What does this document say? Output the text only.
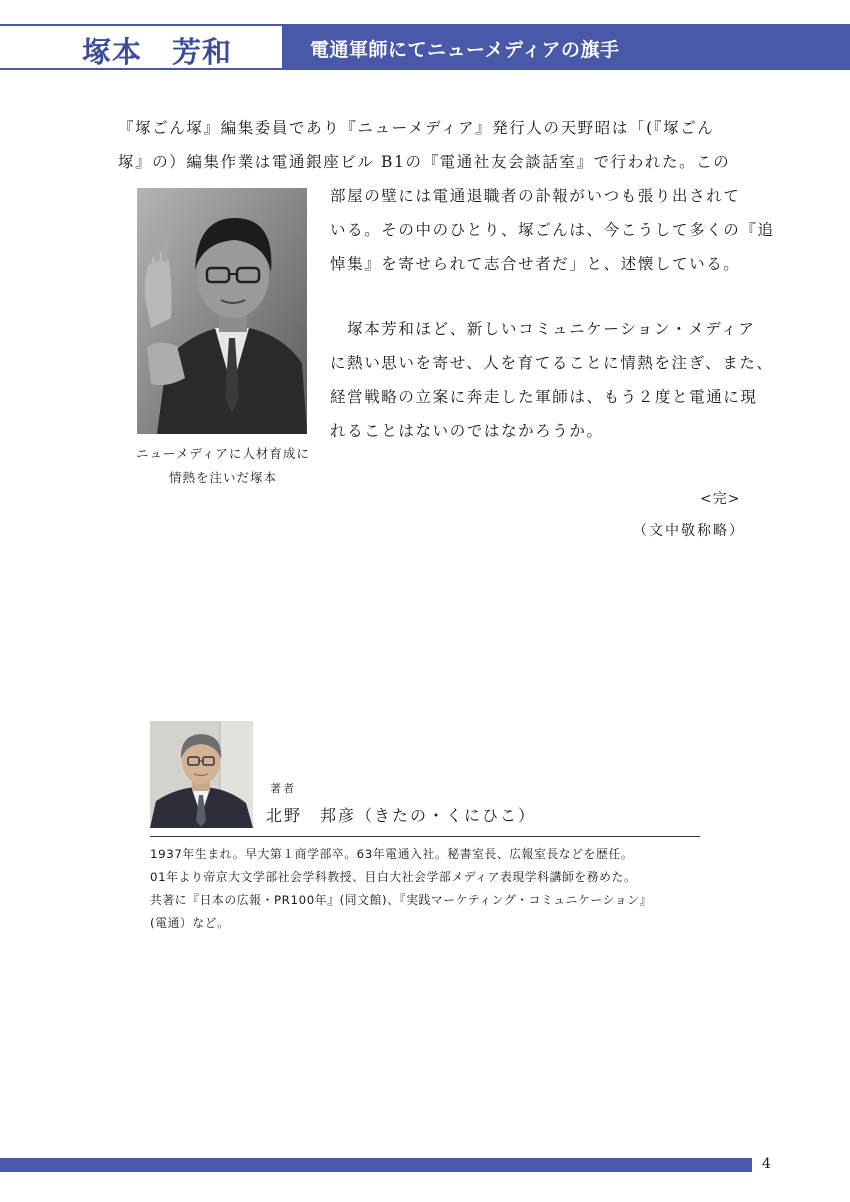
塚本　芳和	電通軍師にてニューメディアの旗手
『塚ごん塚』編集委員であり『ニューメディア』発行人の天野昭は「(『塚ごん
塚』の）編集作業は電通銀座ビル B1の『電通社友会談話室』で行われた。この
部屋の壁には電通退職者の訃報がいつも張り出されて
いる。その中のひとり、塚ごんは、今こうして多くの『追
悼集』を寄せられて志合せ者だ」と、述懐している。
　塚本芳和ほど、新しいコミュニケーション・メディア
に熱い思いを寄せ、人を育てることに情熱を注ぎ、また、
経営戦略の立案に奔走した軍師は、もう２度と電通に現
れることはないのではなかろうか。
ニューメディアに人材育成に
情熱を注いだ塚本
<完>
（文中敬称略）
著者
北野　邦彦（きたの・くにひこ）
1937年生まれ。早大第１商学部卒。63年電通入社。秘書室長、広報室長などを歴任。
01年より帝京大文学部社会学科教授、目白大社会学部メディア表現学科講師を務めた。
共著に『日本の広報・PR100年』(同文館)、『実践マーケティング・コミュニケーション』
(電通）など。
4
